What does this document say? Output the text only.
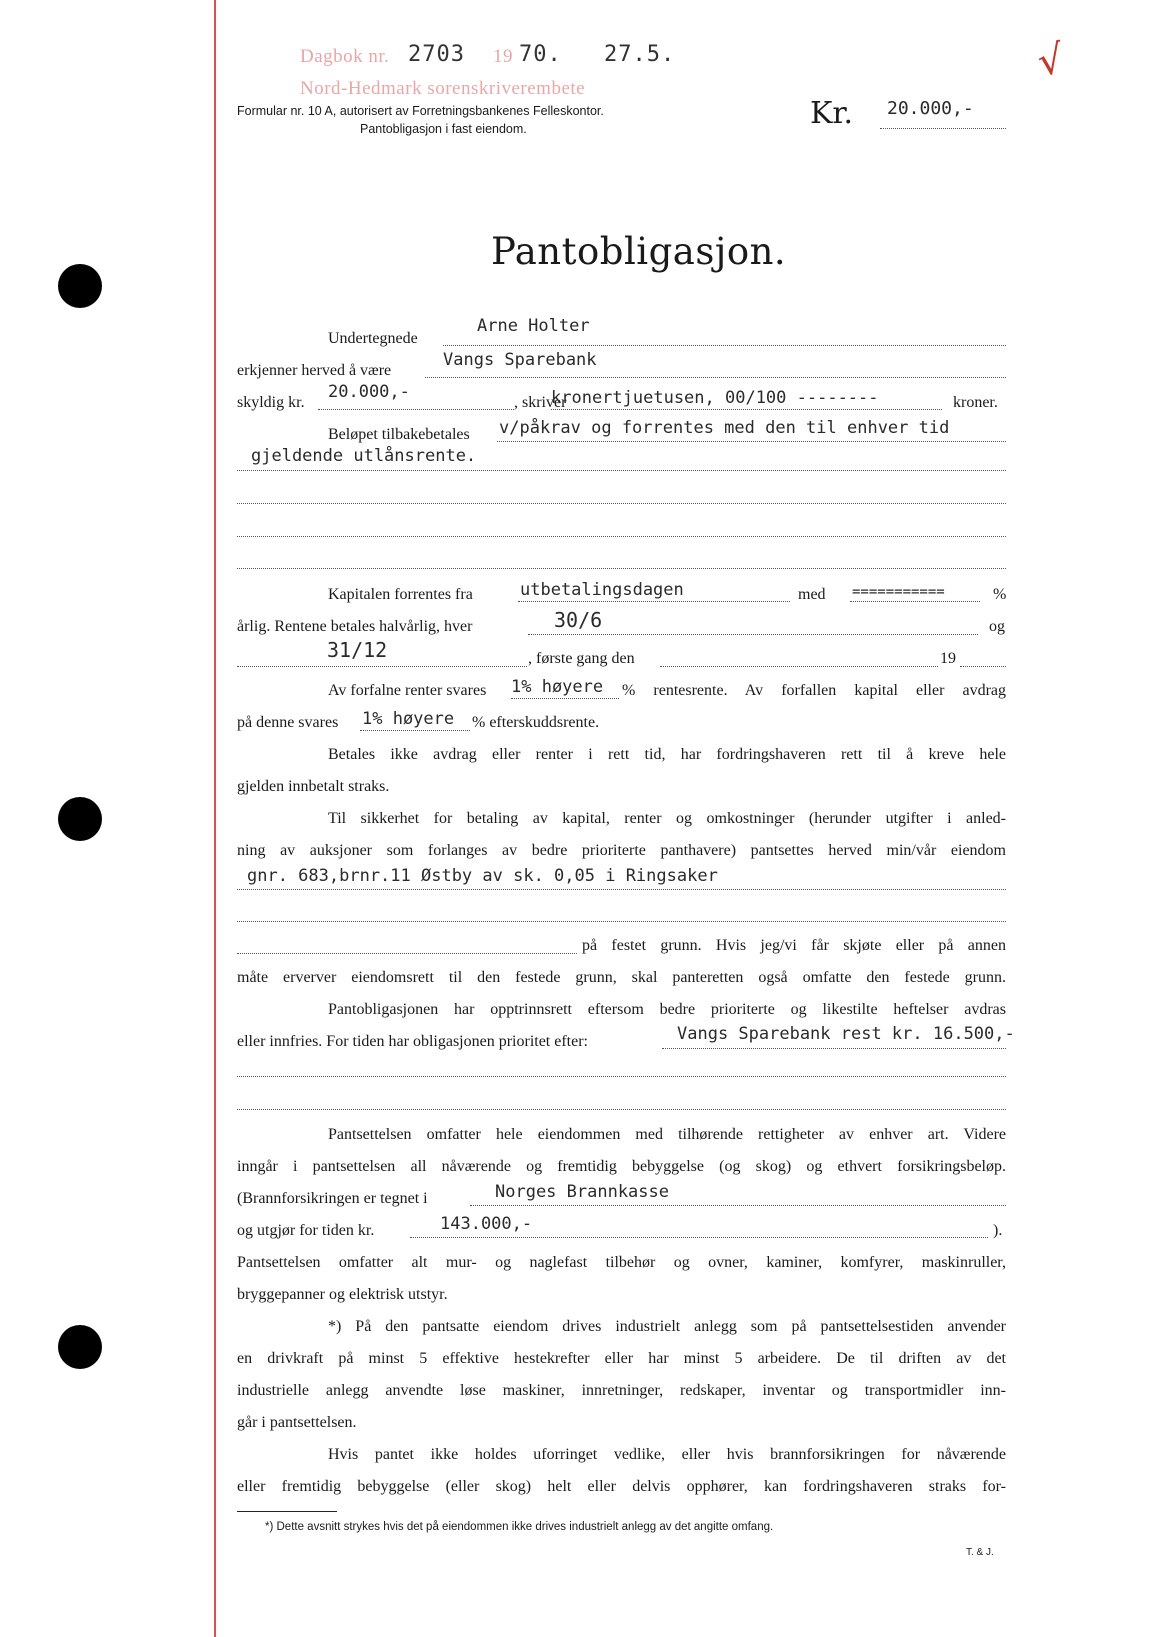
Dagbok nr. 2703 19 70. 27.5.
Nord-Hedmark sorenskriverembete
Formular nr. 10 A, autorisert av Forretningsbankenes Felleskontor.
Pantobligasjon i fast eiendom.	Kr. 20.000,-
√
Pantobligasjon.
Undertegnede
Arne Holter
erkjenner herved å være
Vangs Sparebank
skyldig kr.
20.000,-
, skriver
kronertjuetusen, 00/100 --------	kroner.
Beløpet tilbakebetales v/påkrav og forrentes med den til enhver tid
gjeldende utlånsrente.
Kapitalen forrentes fra	utbetalingsdagen	med ===========	%
årlig. Rentene betales halvårlig, hver	30/6	og
31/12	, første gang den	19
Av forfalne renter svares 1% høyere % rentesrente. Av forfallen kapital eller avdrag
på denne svares 1% høyere % efterskuddsrente.
Betales ikke avdrag eller renter i rett tid, har fordringshaveren rett til å kreve hele
gjelden innbetalt straks.
Til sikkerhet for betaling av kapital, renter og omkostninger (herunder utgifter i anled-
ning av auksjoner som forlanges av bedre prioriterte panthavere) pantsettes herved min/vår eiendom
gnr. 683,brnr.11 Østby av sk. 0,05 i Ringsaker
på festet grunn. Hvis jeg/vi får skjøte eller på annen
måte erverver eiendomsrett til den festede grunn, skal panteretten også omfatte den festede grunn.
Pantobligasjonen har opptrinnsrett eftersom bedre prioriterte og likestilte heftelser avdras
eller innfries. For tiden har obligasjonen prioritet efter:	Vangs Sparebank rest kr. 16.500,-
Pantsettelsen omfatter hele eiendommen med tilhørende rettigheter av enhver art. Videre
inngår i pantsettelsen all nåværende og fremtidig bebyggelse (og skog) og ethvert forsikringsbeløp.
(Brannforsikringen er tegnet i	Norges Brannkasse
og utgjør for tiden kr.	143.000,-	).
Pantsettelsen omfatter alt mur- og naglefast tilbehør og ovner, kaminer, komfyrer, maskinruller,
bryggepanner og elektrisk utstyr.
*) På den pantsatte eiendom drives industrielt anlegg som på pantsettelsestiden anvender
en drivkraft på minst 5 effektive hestekrefter eller har minst 5 arbeidere. De til driften av det
industrielle anlegg anvendte løse maskiner, innretninger, redskaper, inventar og transportmidler inn-
går i pantsettelsen.
Hvis pantet ikke holdes uforringet vedlike, eller hvis brannforsikringen for nåværende
eller fremtidig bebyggelse (eller skog) helt eller delvis opphører, kan fordringshaveren straks for-
*) Dette avsnitt strykes hvis det på eiendommen ikke drives industrielt anlegg av det angitte omfang.
T. & J.
